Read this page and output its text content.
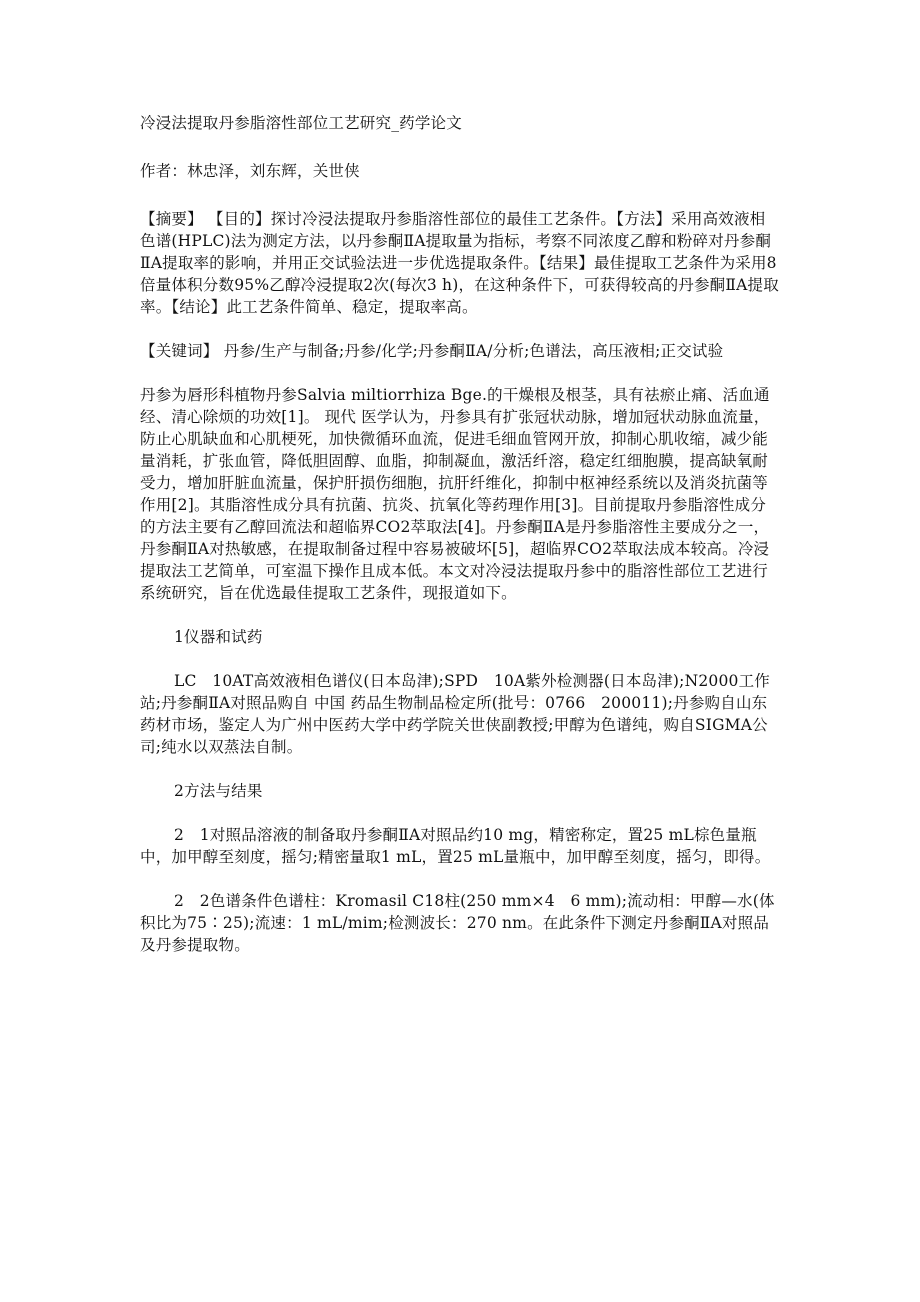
冷浸法提取丹参脂溶性部位工艺研究_药学论文

作者：林忠泽，刘东辉，关世侠

【摘要】 【目的】探讨冷浸法提取丹参脂溶性部位的最佳工艺条件。【方法】采用高效液相色谱(HPLC)法为测定方法，以丹参酮ⅡA提取量为指标，考察不同浓度乙醇和粉碎对丹参酮ⅡA提取率的影响，并用正交试验法进一步优选提取条件。【结果】最佳提取工艺条件为采用8倍量体积分数95%乙醇冷浸提取2次(每次3 h)，在这种条件下，可获得较高的丹参酮ⅡA提取率。【结论】此工艺条件简单、稳定，提取率高。

【关键词】 丹参/生产与制备;丹参/化学;丹参酮ⅡA/分析;色谱法，高压液相;正交试验

丹参为唇形科植物丹参Salvia miltiorrhiza Bge.的干燥根及根茎，具有祛瘀止痛、活血通经、清心除烦的功效[1]。 现代 医学认为，丹参具有扩张冠状动脉，增加冠状动脉血流量，防止心肌缺血和心肌梗死，加快微循环血流，促进毛细血管网开放，抑制心肌收缩，减少能量消耗，扩张血管，降低胆固醇、血脂，抑制凝血，激活纤溶，稳定红细胞膜，提高缺氧耐受力，增加肝脏血流量，保护肝损伤细胞，抗肝纤维化，抑制中枢神经系统以及消炎抗菌等作用[2]。其脂溶性成分具有抗菌、抗炎、抗氧化等药理作用[3]。目前提取丹参脂溶性成分的方法主要有乙醇回流法和超临界CO2萃取法[4]。丹参酮ⅡA是丹参脂溶性主要成分之一，丹参酮ⅡA对热敏感，在提取制备过程中容易被破坏[5]，超临界CO2萃取法成本较高。冷浸提取法工艺简单，可室温下操作且成本低。本文对冷浸法提取丹参中的脂溶性部位工艺进行系统研究，旨在优选最佳提取工艺条件，现报道如下。

1仪器和试药

LC　10AT高效液相色谱仪(日本岛津);SPD　10A紫外检测器(日本岛津);N2000工作站;丹参酮ⅡA对照品购自 中国 药品生物制品检定所(批号：0766　200011);丹参购自山东药材市场，鉴定人为广州中医药大学中药学院关世侠副教授;甲醇为色谱纯，购自SIGMA公司;纯水以双蒸法自制。

2方法与结果

2　1对照品溶液的制备取丹参酮ⅡA对照品约10 mg，精密称定，置25 mL棕色量瓶中，加甲醇至刻度，摇匀;精密量取1 mL，置25 mL量瓶中，加甲醇至刻度，摇匀，即得。

2　2色谱条件色谱柱：Kromasil C18柱(250 mm×4　6 mm);流动相：甲醇—水(体积比为75∶25);流速：1 mL/mim;检测波长：270 nm。在此条件下测定丹参酮ⅡA对照品及丹参提取物。
